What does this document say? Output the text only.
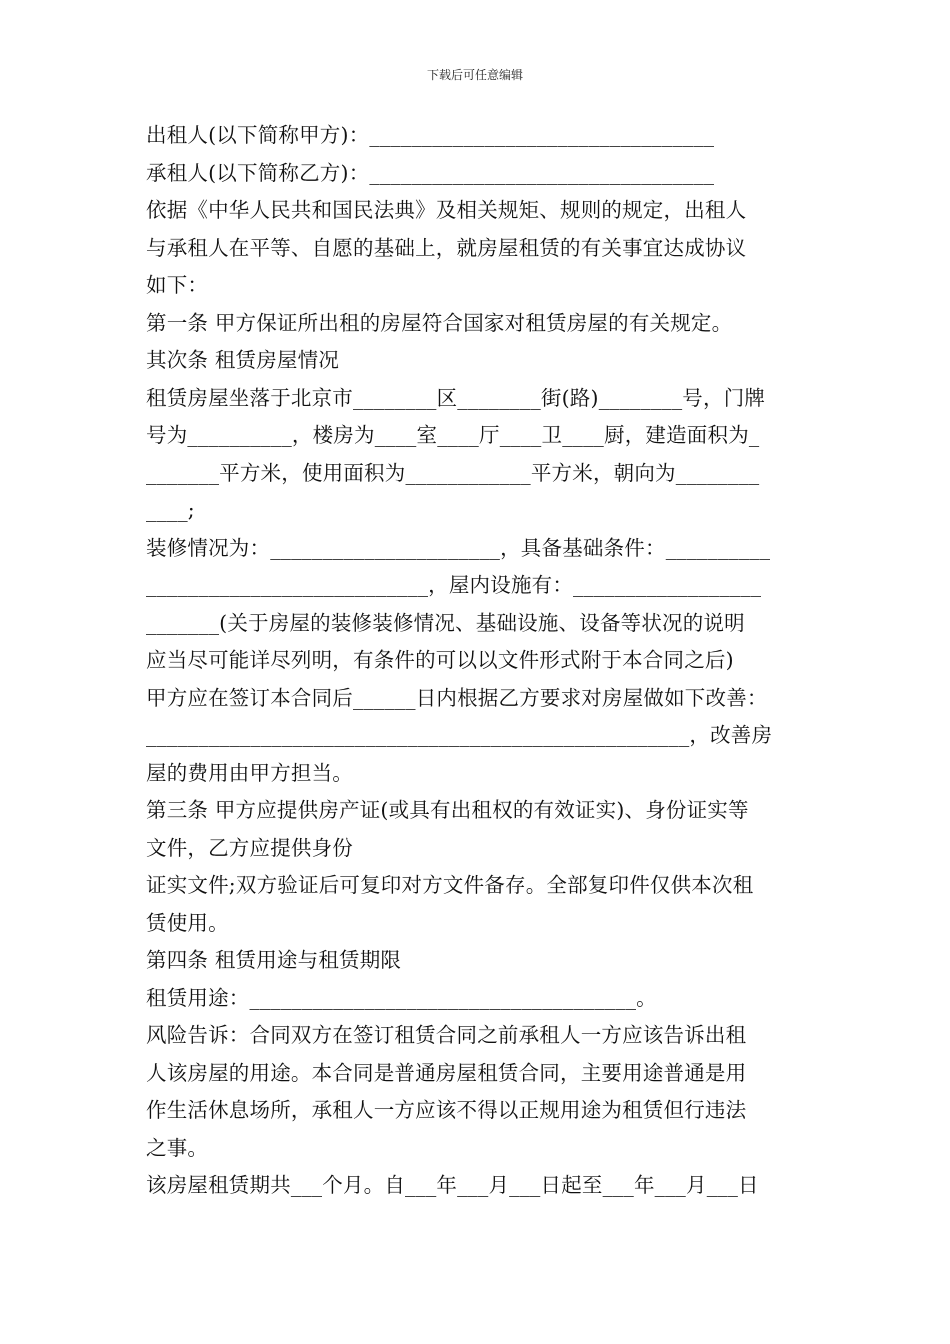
下载后可任意编辑
出租人(以下简称甲方)：_________________________________
承租人(以下简称乙方)：_________________________________
依据《中华人民共和国民法典》及相关规矩、规则的规定，出租人
与承租人在平等、自愿的基础上，就房屋租赁的有关事宜达成协议
如下：
第一条 甲方保证所出租的房屋符合国家对租赁房屋的有关规定。
其次条 租赁房屋情况
租赁房屋坐落于北京市________区________街(路)________号，门牌
号为__________，楼房为____室____厅____卫____厨，建造面积为_
_______平方米，使用面积为____________平方米，朝向为________
____;
装修情况为：______________________，具备基础条件：__________
___________________________，屋内设施有：__________________
_______(关于房屋的装修装修情况、基础设施、设备等状况的说明
应当尽可能详尽列明，有条件的可以以文件形式附于本合同之后)
甲方应在签订本合同后______日内根据乙方要求对房屋做如下改善：
____________________________________________________，改善房
屋的费用由甲方担当。
第三条 甲方应提供房产证(或具有出租权的有效证实)、身份证实等
文件，乙方应提供身份
证实文件;双方验证后可复印对方文件备存。全部复印件仅供本次租
赁使用。
第四条 租赁用途与租赁期限
租赁用途：_____________________________________。
风险告诉：合同双方在签订租赁合同之前承租人一方应该告诉出租
人该房屋的用途。本合同是普通房屋租赁合同，主要用途普通是用
作生活休息场所，承租人一方应该不得以正规用途为租赁但行违法
之事。
该房屋租赁期共___个月。自___年___月___日起至___年___月___日
